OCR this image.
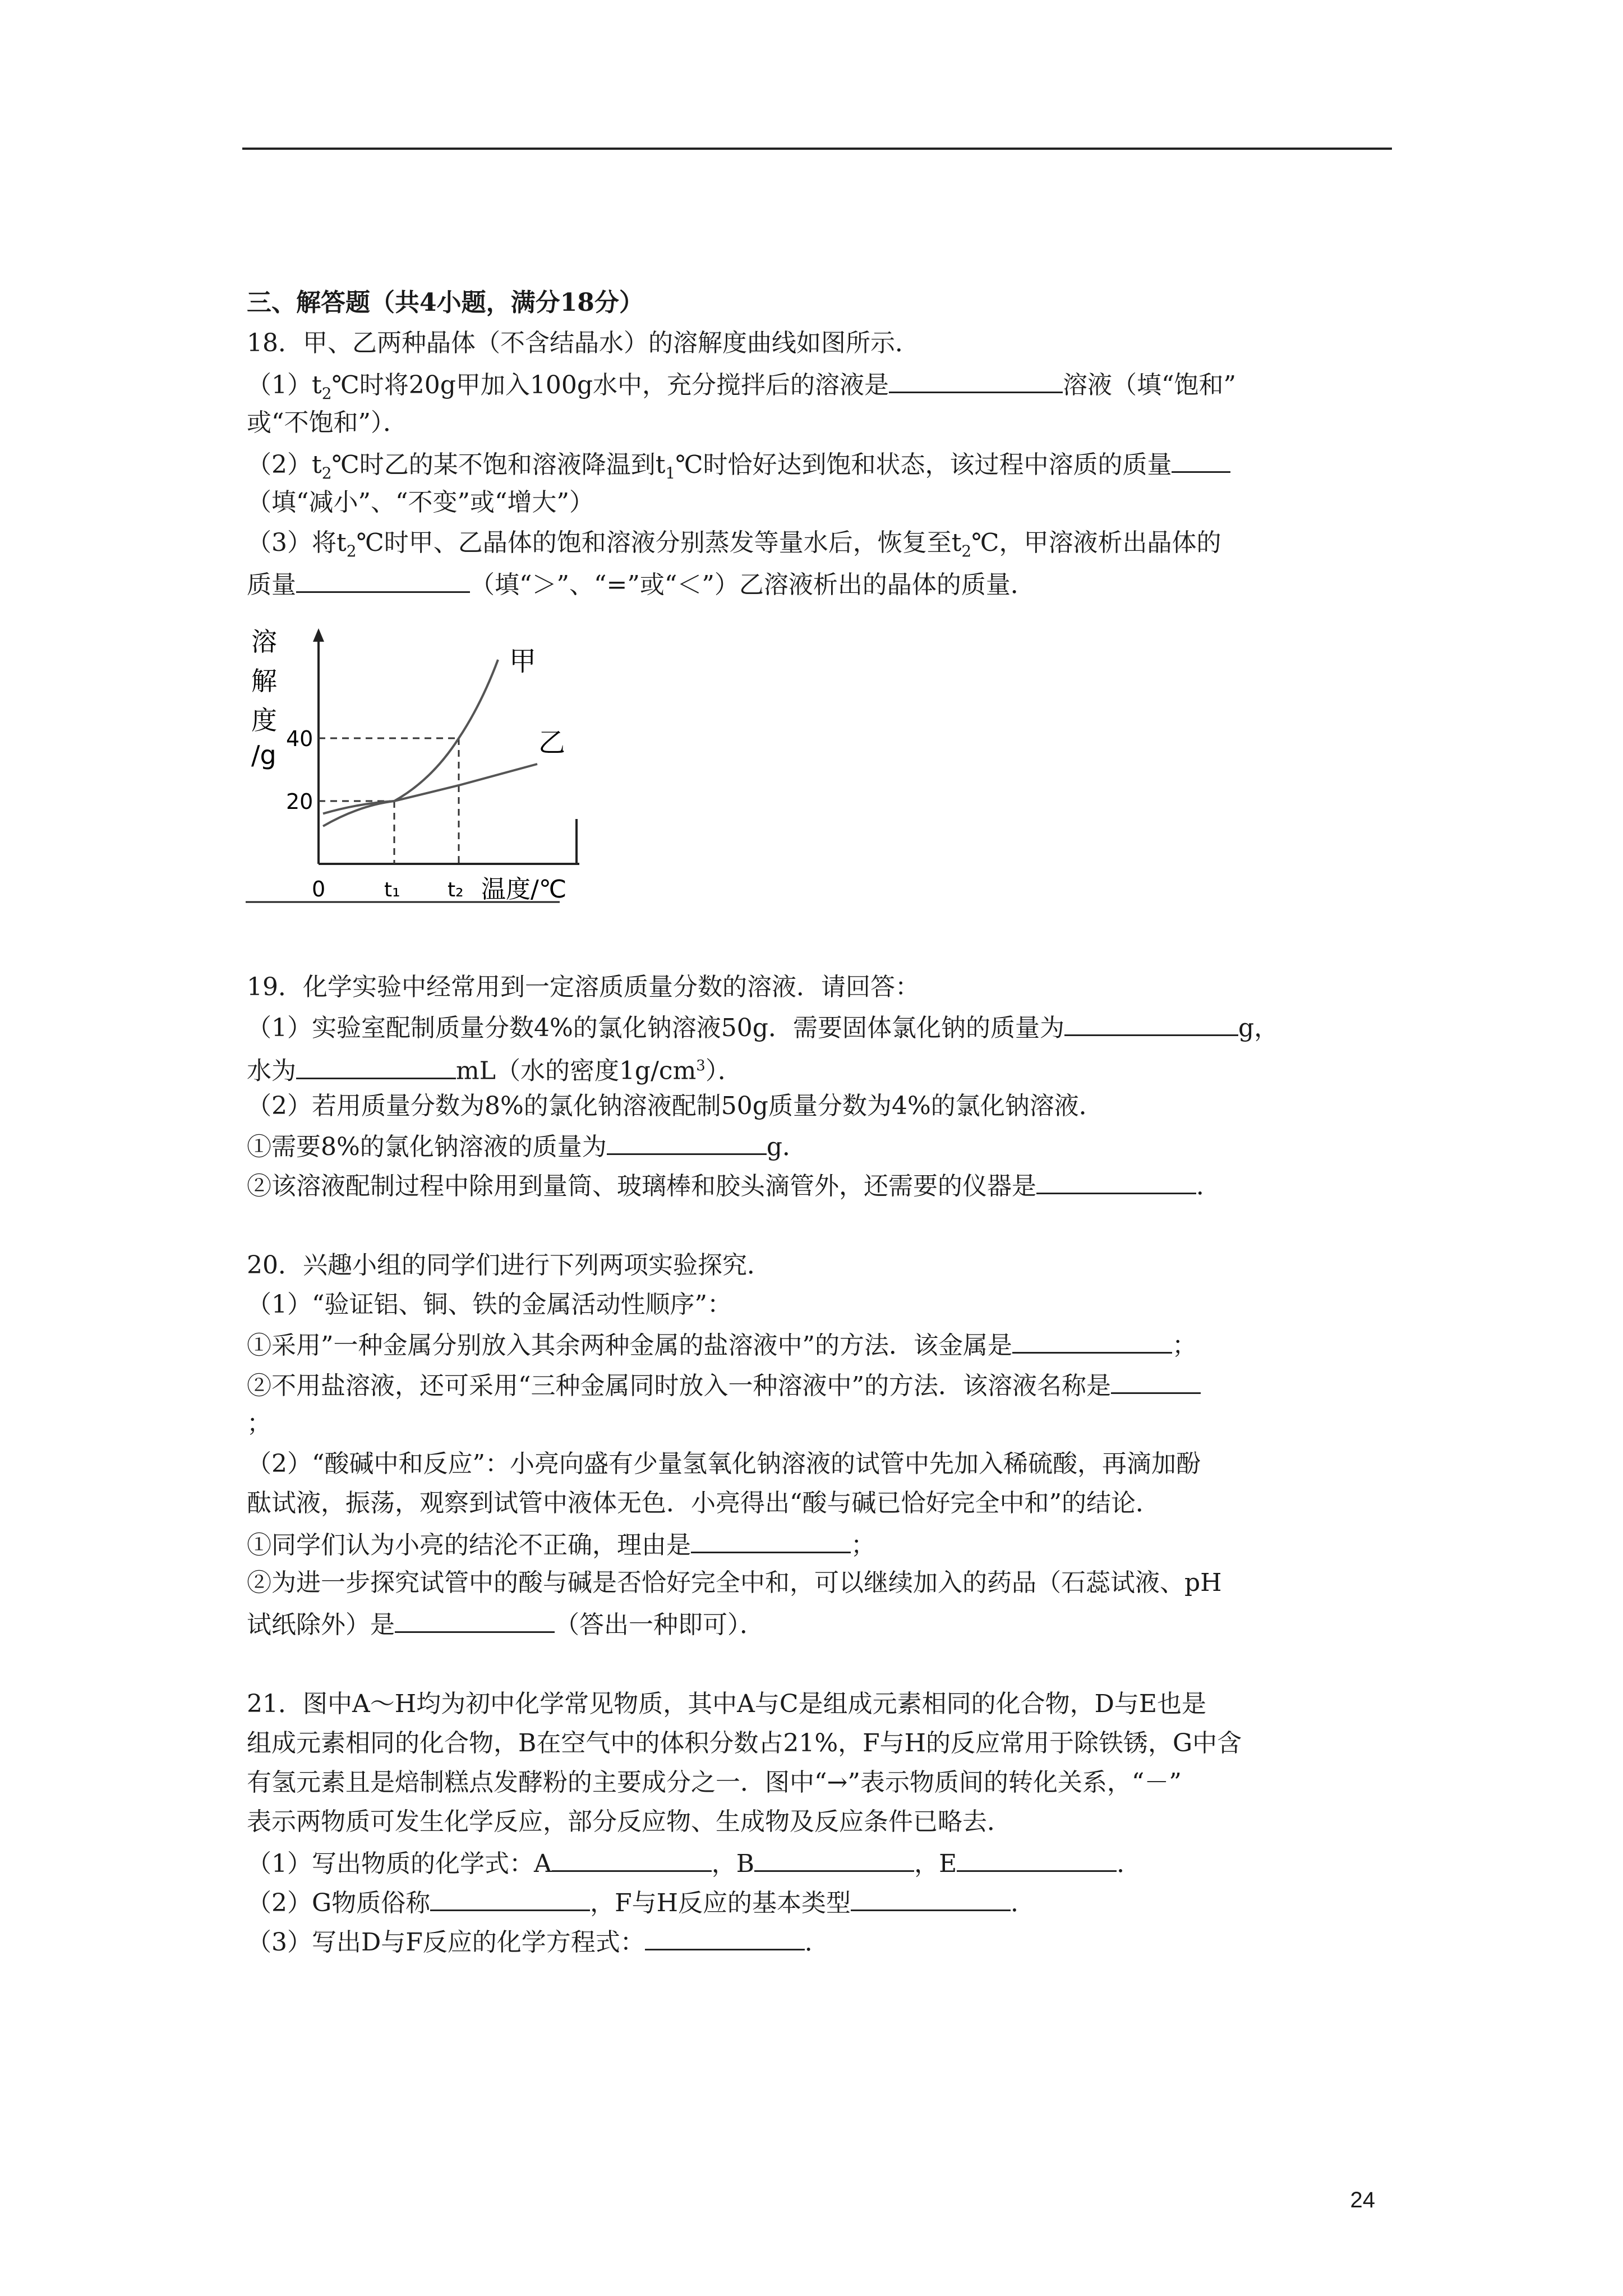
三、解答题（共4小题，满分18分）
18．甲、乙两种晶体（不含结晶水）的溶解度曲线如图所示．
$(1)t_2℃$时将20g甲加入100g水中，充分搅拌后的溶液是	溶液（填“饱和”
或“不饱和”）．
$(2)t_2℃$时乙的某不饱和溶液降温到$t_1℃$时恰好达到饱和状态，该过程中溶质的质量
（填“减小”、“不变”或“增大”）
（3）将$t_2℃$时甲、乙晶体的饱和溶液分别蒸发等量水后，恢复至$t_2℃$，甲溶液析出晶体的
质量	（填“＞”、“=”或“＜”）乙溶液析出的晶体的质量．
溶
解
度
/g
甲
乙
40
20
0	t₁ t₂ 温度/℃
19．化学实验中经常用到一定溶质质量分数的溶液．请回答：
（1）实验室配制质量分数4%的氯化钠溶液50g．需要固体氯化钠的质量为	g，
水为	mL（水的密度$1g/cm^3$）．
（2）若用质量分数为8%的氯化钠溶液配制50g质量分数为4%的氯化钠溶液．
①需要8%的氯化钠溶液的质量为	g．
②该溶液配制过程中除用到量筒、玻璃棒和胶头滴管外，还需要的仪器是	．
20．兴趣小组的同学们进行下列两项实验探究．
（1）“验证铝、铜、铁的金属活动性顺序”：
①采用”一种金属分别放入其余两种金属的盐溶液中”的方法．该金属是	；
②不用盐溶液，还可采用“三种金属同时放入一种溶液中”的方法．该溶液名称是
；
（2）“酸碱中和反应”：小亮向盛有少量氢氧化钠溶液的试管中先加入稀硫酸，再滴加酚
酞试液，振荡，观察到试管中液体无色．小亮得出“酸与碱已恰好完全中和”的结论．
①同学们认为小亮的结沦不正确，理由是	；
②为进一步探究试管中的酸与碱是否恰好完全中和，可以继续加入的药品（石蕊试液、pH
试纸除外）是	（答出一种即可）．
21．图中A～H均为初中化学常见物质，其中A与C是组成元素相同的化合物，D与E也是
组成元素相同的化合物，B在空气中的体积分数占21%，F与H的反应常用于除铁锈，G中含
有氢元素且是焙制糕点发酵粉的主要成分之一．图中“→”表示物质间的转化关系，“－”
表示两物质可发生化学反应，部分反应物、生成物及反应条件已略去．
（1）写出物质的化学式：A	，B	，E	．
（2）G物质俗称	，F与H反应的基本类型	．
（3）写出D与F反应的化学方程式：	．
24
